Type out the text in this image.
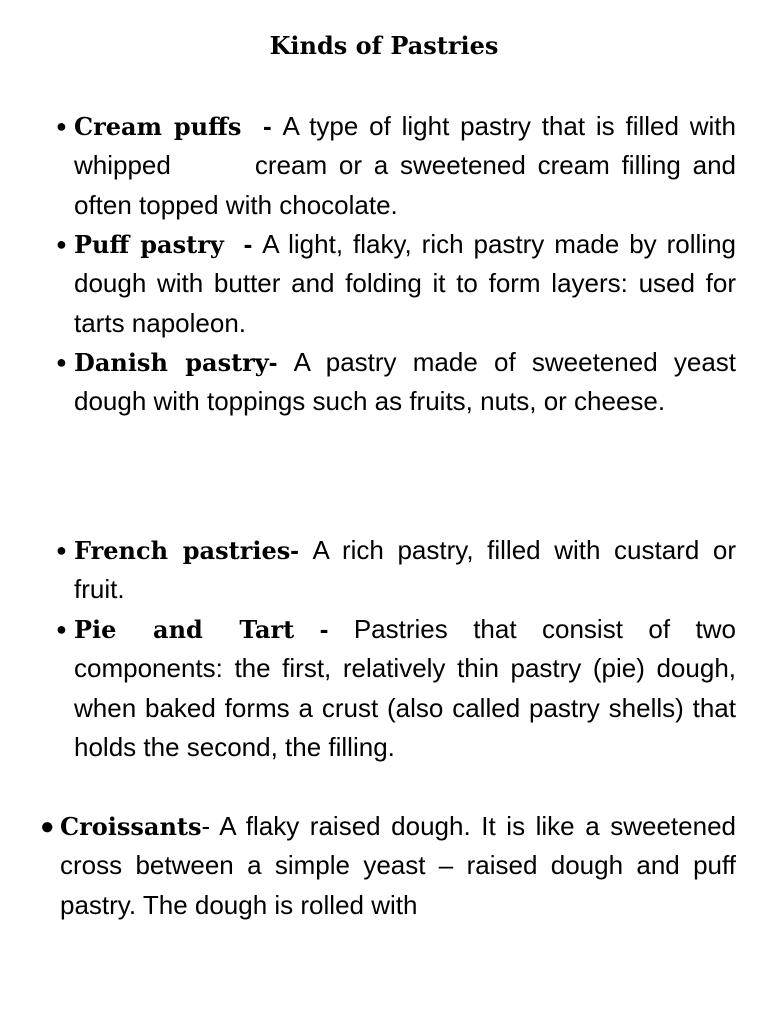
Kinds of Pastries
● Cream puffs  - A type of light pastry that is filled with whipped	cream or a sweetened cream filling and often topped with chocolate.
● Puff pastry  - A light, flaky, rich pastry made by rolling dough with butter and folding it to form layers: used for tarts napoleon.
● Danish pastry- A pastry made of sweetened yeast dough with toppings such as fruits, nuts, or cheese.
● French pastries- A rich pastry, filled with custard or fruit.
● Pie and Tart - Pastries that consist of two components: the first, relatively thin pastry (pie) dough, when baked forms a crust (also called pastry shells) that holds the second, the filling.
● Croissants- A flaky raised dough. It is like a sweetened cross between a simple yeast – raised dough and puff pastry. The dough is rolled with
